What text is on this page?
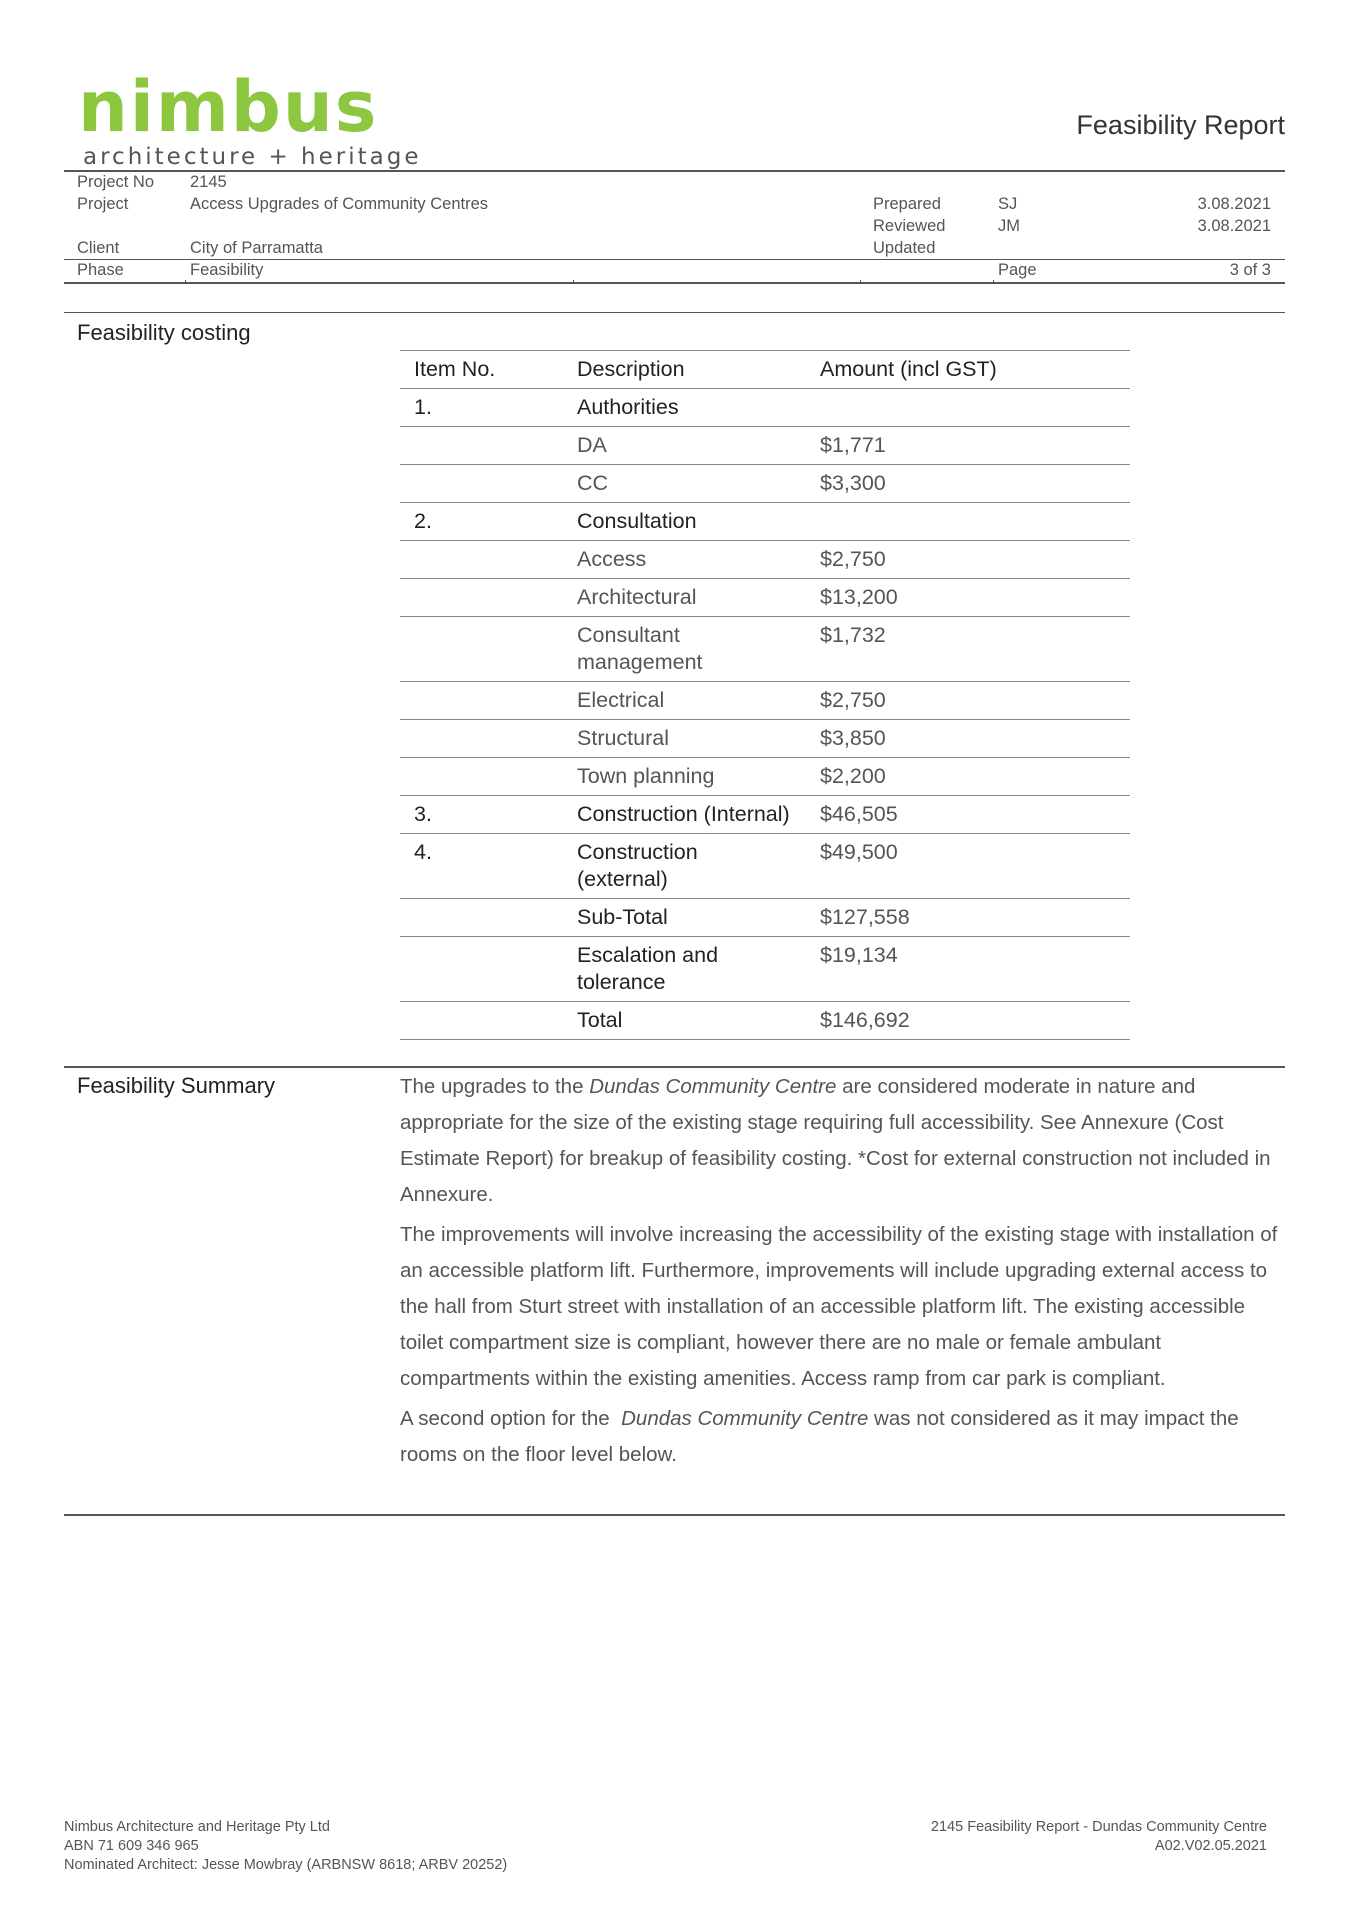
nimbus
architecture + heritage
Feasibility Report
Project No 2145
Project	Access Upgrades of Community Centres	Prepared	SJ	3.08.2021
Reviewed	JM	3.08.2021
Client	City of Parramatta	Updated
Phase	Feasibility	Page	3 of 3
Feasibility costing
Item No.	Description	Amount (incl GST)
1.	Authorities	
	DA	$1,771
	CC	$3,300
2.	Consultation	
	Access	$2,750
	Architectural	$13,200
	Consultant management	$1,732
	Electrical	$2,750
	Structural	$3,850
	Town planning	$2,200
3.	Construction (Internal)	$46,505
4.	Construction (external)	$49,500
	Sub-Total	$127,558
	Escalation and tolerance	$19,134
	Total	$146,692
Feasibility Summary	The upgrades to the Dundas Community Centre are considered moderate in nature and appropriate for the size of the existing stage requiring full accessibility. See Annexure (Cost Estimate Report) for breakup of feasibility costing. *Cost for external construction not included in Annexure.

The improvements will involve increasing the accessibility of the existing stage with installation of an accessible platform lift. Furthermore, improvements will include upgrading external access to the hall from Sturt street with installation of an accessible platform lift. The existing accessible toilet compartment size is compliant, however there are no male or female ambulant compartments within the existing amenities. Access ramp from car park is compliant.

A second option for the  Dundas Community Centre was not considered as it may impact the rooms on the floor level below.

Nimbus Architecture and Heritage Pty Ltd
ABN 71 609 346 965
Nominated Architect: Jesse Mowbray (ARBNSW 8618; ARBV 20252)
2145 Feasibility Report - Dundas Community Centre
A02.V02.05.2021
